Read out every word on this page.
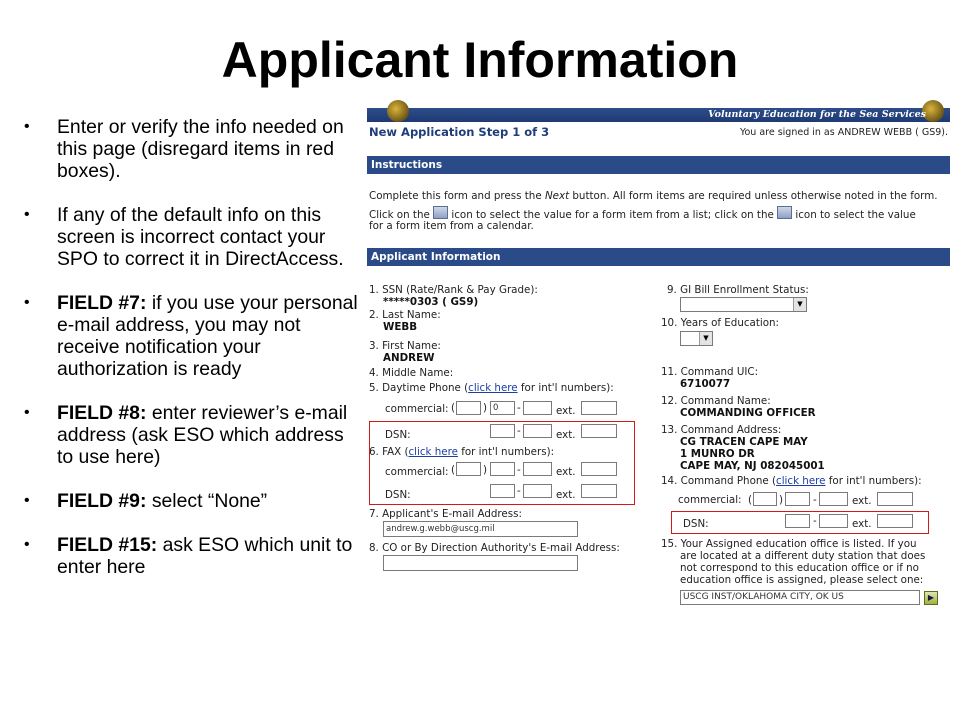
Applicant Information
• Enter or verify the info needed on this page (disregard items in red boxes).
• If any of the default info on this screen is incorrect contact your SPO to correct it in DirectAccess.
• FIELD #7: if you use your personal e-mail address, you may not receive notification your authorization is ready
• FIELD #8: enter reviewer’s e-mail address (ask ESO which address to use here)
• FIELD #9: select “None”
• FIELD #15: ask ESO which unit to enter here
Voluntary Education for the Sea Services
New Application Step 1 of 3	You are signed in as ANDREW WEBB ( GS9).
Instructions
Complete this form and press the Next button. All form items are required unless otherwise noted in the form.
Click on the  icon to select the value for a form item from a list; click on the  icon to select the value
for a form item from a calendar.
Applicant Information
1. SSN (Rate/Rank & Pay Grade):
*****0303 ( GS9)
2. Last Name:
WEBB
3. First Name:
ANDREW
4. Middle Name:
5. Daytime Phone (click here for int'l numbers):
commercial: (	) 0	-	ext.
DSN:	-	ext.
6. FAX (click here for int'l numbers):
commercial: (	)	-	ext.
DSN:	-	ext.
7. Applicant's E-mail Address:
andrew.g.webb@uscg.mil
8. CO or By Direction Authority's E-mail Address:
9. GI Bill Enrollment Status:
▼
10. Years of Education:
▼
11. Command UIC:
6710077
12. Command Name:
COMMANDING OFFICER
13. Command Address:
CG TRACEN CAPE MAY
1 MUNRO DR
CAPE MAY, NJ 082045001
14. Command Phone (click here for int'l numbers):
commercial: (	)	-	ext.
DSN:	-	ext.
15. Your Assigned education office is listed. If you
are located at a different duty station that does
not correspond to this education office or if no
education office is assigned, please select one:
USCG INST/OKLAHOMA CITY, OK US	▶
